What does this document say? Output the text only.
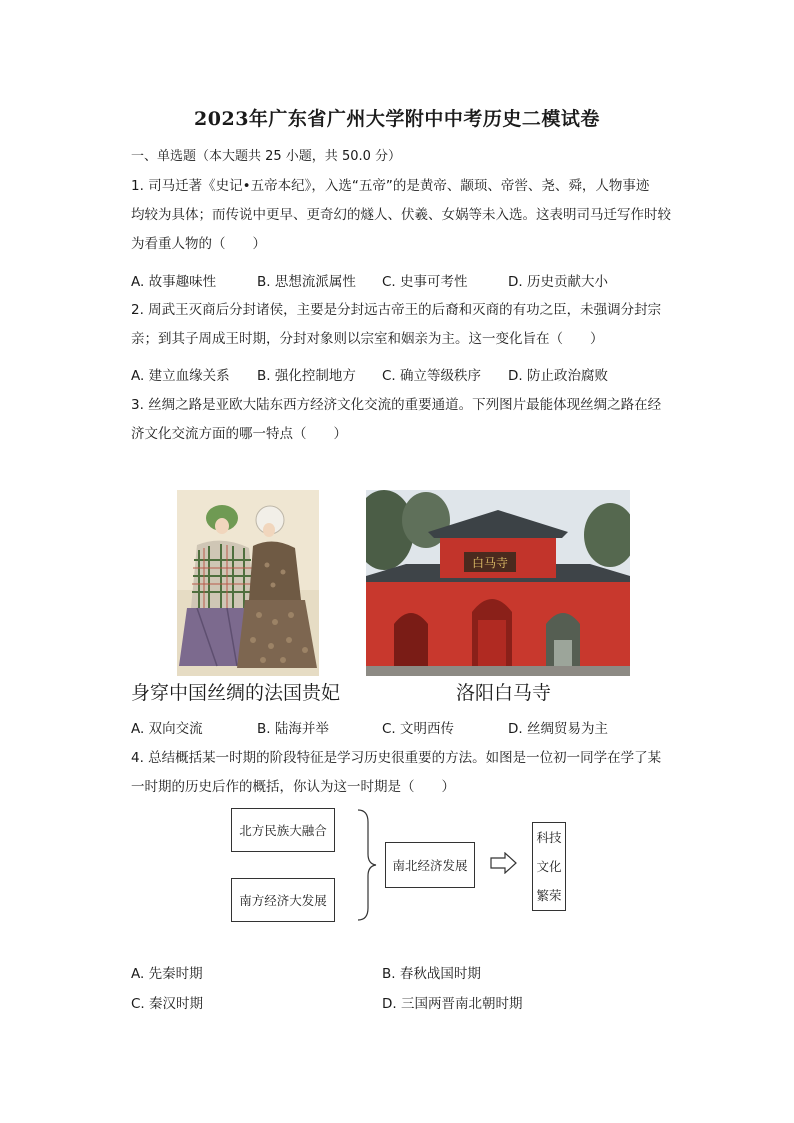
2023年广东省广州大学附中中考历史二模试卷
一、单选题（本大题共 25 小题，共 50.0 分）

1. 司马迁著《史记•五帝本纪》，入选“五帝”的是黄帝、颛顼、帝喾、尧、舜，人物事迹

均较为具体；而传说中更早、更奇幻的燧人、伏羲、女娲等未入选。这表明司马迁写作时较

为看重人物的（　　）

A. 故事趣味性	B. 思想流派属性 C. 史事可考性	D. 历史贡献大小

2. 周武王灭商后分封诸侯，主要是分封远古帝王的后裔和灭商的有功之臣，未强调分封宗

亲；到其子周成王时期，分封对象则以宗室和姻亲为主。这一变化旨在（　　）

A. 建立血缘关系 B. 强化控制地方 C. 确立等级秩序 D. 防止政治腐败

3. 丝绸之路是亚欧大陆东西方经济文化交流的重要通道。下列图片最能体现丝绸之路在经

济文化交流方面的哪一特点（　　）

白马寺
身穿中国丝绸的法国贵妃	洛阳白马寺
A. 双向交流	B. 陆海并举	C. 文明西传	D. 丝绸贸易为主

4. 总结概括某一时期的阶段特征是学习历史很重要的方法。如图是一位初一同学在学了某

一时期的历史后作的概括，你认为这一时期是（　　）

北方民族大融合
南方经济大发展
南北经济发展
科技
文化
繁荣
A. 先秦时期	B. 春秋战国时期
C. 秦汉时期	D. 三国两晋南北朝时期
